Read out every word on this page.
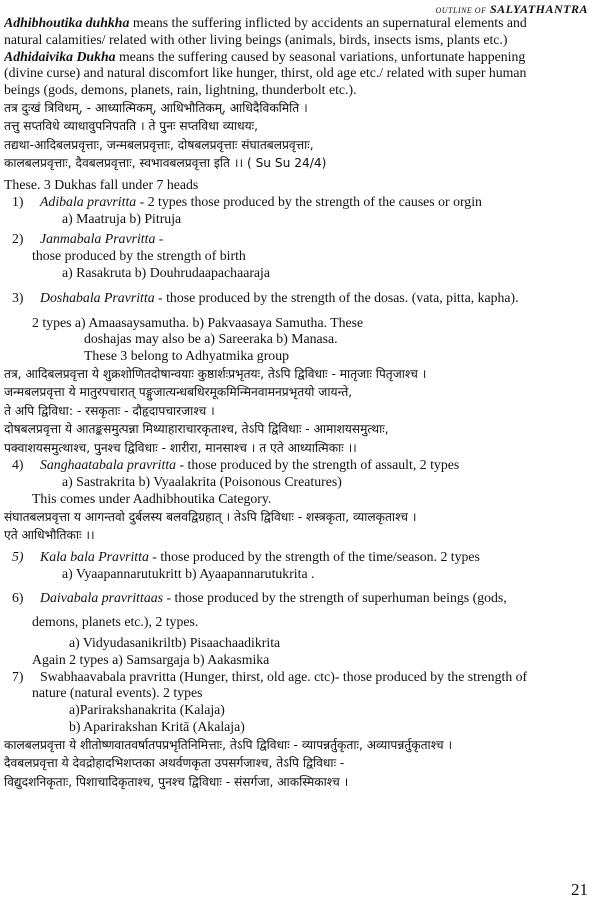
OUTLINE OF SALYATHANTRA
Adhibhoutika duhkha means the suffering inflicted by accidents an supernatural elements and
natural calamities/ related with other living beings (animals, birds, insects isms, plants etc.)
Adhidaivika Dukha means the suffering caused by seasonal variations, unfortunate happening
(divine curse) and natural discomfort like hunger, thirst, old age etc./ related with super human
beings (gods, demons, planets, rain, lightning, thunderbolt etc.).
तत्र दुःखं त्रिविधम्, - आध्यात्मिकम्, आधिभौतिकम्, आधिदैविकमिति ।
तत्तु सप्तविधे व्याधावुपनिपतति । ते पुनः सप्तविधा व्याधयः,
तद्यथा-आदिबलप्रवृत्ताः, जन्मबलप्रवृत्ताः, दोषबलप्रवृत्ताः संघातबलप्रवृत्ताः,
कालबलप्रवृत्ताः, दैवबलप्रवृत्ताः, स्वभावबलप्रवृत्ता इति ।। ( Su Su 24/4)
These. 3 Dukhas fall under 7 heads
1) Adibala pravritta - 2 types those produced by the strength of the causes or orgin
a) Maatruja b) Pitruja
2) Janmabala Pravritta -
those produced by the strength of birth
a) Rasakruta b) Douhrudaapachaaraja
3) Doshabala Pravritta - those produced by the strength of the dosas. (vata, pitta, kapha).
2 types a) Amaasaysamutha. b) Pakvaasaya Samutha. These
doshajas may also be a) Sareeraka b) Manasa.
These 3 belong to Adhyatmika group
तत्र, आदिबलप्रवृत्ता ये शुक्रशोणितदोषान्वयाः कुष्ठार्शःप्रभृतयः, तेऽपि द्विविधाः - मातृजाः पितृजाश्च ।
जन्मबलप्रवृत्ता ये मातुरपचारात् पङ्गुजात्यन्धबधिरमूकमिन्मिनवामनप्रभृतयो जायन्ते,
ते अपि द्विविधा: - रसकृताः - दौहृदापचारजाश्च ।
दोषबलप्रवृत्ता ये आतङ्कसमुत्पन्ना मिथ्याहाराचारकृताश्च, तेऽपि द्विविधाः - आमाशयसमुत्थाः,
पक्वाशयसमुत्थाश्च, पुनश्च द्विविधाः - शारीरा, मानसाश्च । त एते आध्यात्मिकाः ।।
4) Sanghaatabala pravritta - those produced by the strength of assault, 2 types
a) Sastrakrita b) Vyaalakrita (Poisonous Creatures)
This comes under Aadhibhoutika Category.
संघातबलप्रवृत्ता य आगन्तवो दुर्बलस्य बलवद्विग्रहात् । तेऽपि द्विविधाः - शस्त्रकृता, व्यालकृताश्च ।
एते आधिभौतिकाः ।।
5) Kala bala Pravritta - those produced by the strength of the time/season. 2 types
a) Vyaapannarutukritt b) Ayaapannarutukrita .
6) Daivabala pravrittaas - those produced by the strength of superhuman beings (gods,
demons, planets etc.), 2 types.
a) Vidyudasanikriltb) Pisaachaadikrita
Again 2 types a) Samsargaja b) Aakasmika
7) Swabhaavabala pravritta (Hunger, thirst, old age. ctc)- those produced by the strength of
nature (natural events). 2 types
a)Parirakshanakrita (Kalaja)
b) Aparirakshan Kritā (Akalaja)
कालबलप्रवृत्ता ये शीतोष्णवातवर्षातपप्रभृतिनिमित्ताः, तेऽपि द्विविधाः - व्यापन्नर्तुकृताः, अव्यापन्नर्तुकृताश्च ।
दैवबलप्रवृत्ता ये देवद्रोहादभिशप्तका अथर्वणकृता उपसर्गजाश्च, तेऽपि द्विविधाः -
विद्युदशनिकृताः, पिशाचादिकृताश्च, पुनश्च द्विविधाः - संसर्गजा, आकस्मिकाश्च ।
21
